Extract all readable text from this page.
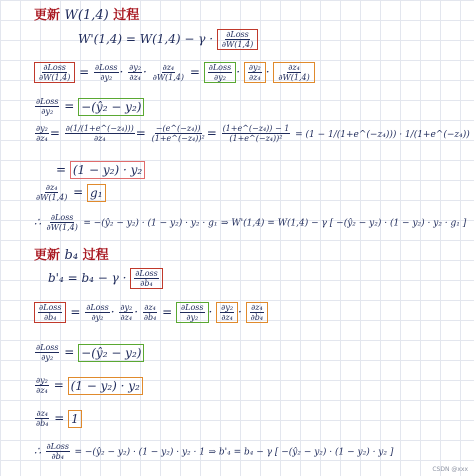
更新 W(1,4) 过程
W'(1,4) = W(1,4) − γ · ∂Loss
∂W(1,4)
∂Loss
∂W(1,4) = ∂Loss
$\partial y_2 \cdot \frac{\text{∂y₂}}{\text{∂z₄}} \cdot \frac{\text{∂z₄}}{\partial W(1,4)}$ = ∂Loss
$\partial y_2 \cdot \frac{\text{∂y₂}}{\text{∂z₄}} \cdot \frac{\text{∂z₄}}{\partial W(1,4)}$
∂Loss
∂y₂ = −(ŷ₂ − y₂)
$\frac{\text{∂y₂}}{\text{∂z₄}} = \frac{\text{∂(1/(1+e\textasciicircum{}(−z₄)))}}{\text{∂z₄}} = \frac{\text{−(e\textasciicircum{}(−z₄))}}{\text{(1+e\textasciicircum{}(−z₄))²}} = \frac{\text{(1+e\textasciicircum{}(−z₄)) − 1}}{\text{(1+e\textasciicircum{}(−z₄))²}} = (1$ − 1/(1+e^(−z₄))) · 1/(1+e^(−z₄))
= (1 − y₂) · y₂
$\frac{\text{∂z₄}}{\partial W(1,4)} = g_1$
∴ ∂Loss
∂W(1,4) = −(ŷ₂ − y₂) · (1 − y₂) · y₂ · g₁ ⇒ W'(1,4) = W(1,4) − γ [ −(ŷ₂ − y₂) · (1 − y₂) · y₂ · g₁ ]
更新 b₄ 过程
b'₄ = b₄ − γ · ∂Loss
∂b₄
∂Loss
∂b₄ = ∂Loss
$\partial y_2 \cdot \frac{\text{∂y₂}}{\text{∂z₄}} \cdot \frac{\text{∂z₄}}{\text{∂b₄}}$ = ∂Loss
$\partial y_2 \cdot \frac{\text{∂y₂}}{\text{∂z₄}} \cdot \frac{\text{∂z₄}}{\text{∂b₄}}$
∂Loss
∂y₂ = −(ŷ₂ − y₂)
$\frac{\text{∂y₂}}{\text{∂z₄}} = (1 - y_2) \cdot y_2$
$\frac{\text{∂z₄}}{\text{∂b₄}} = 1$
∴ ∂Loss
∂b₄ = −(ŷ₂ − y₂) · (1 − y₂) · y₂ · 1 ⇒ b'₄ = b₄ − γ [ −(ŷ₂ − y₂) · (1 − y₂) · y₂ ]
CSDN @xxx
